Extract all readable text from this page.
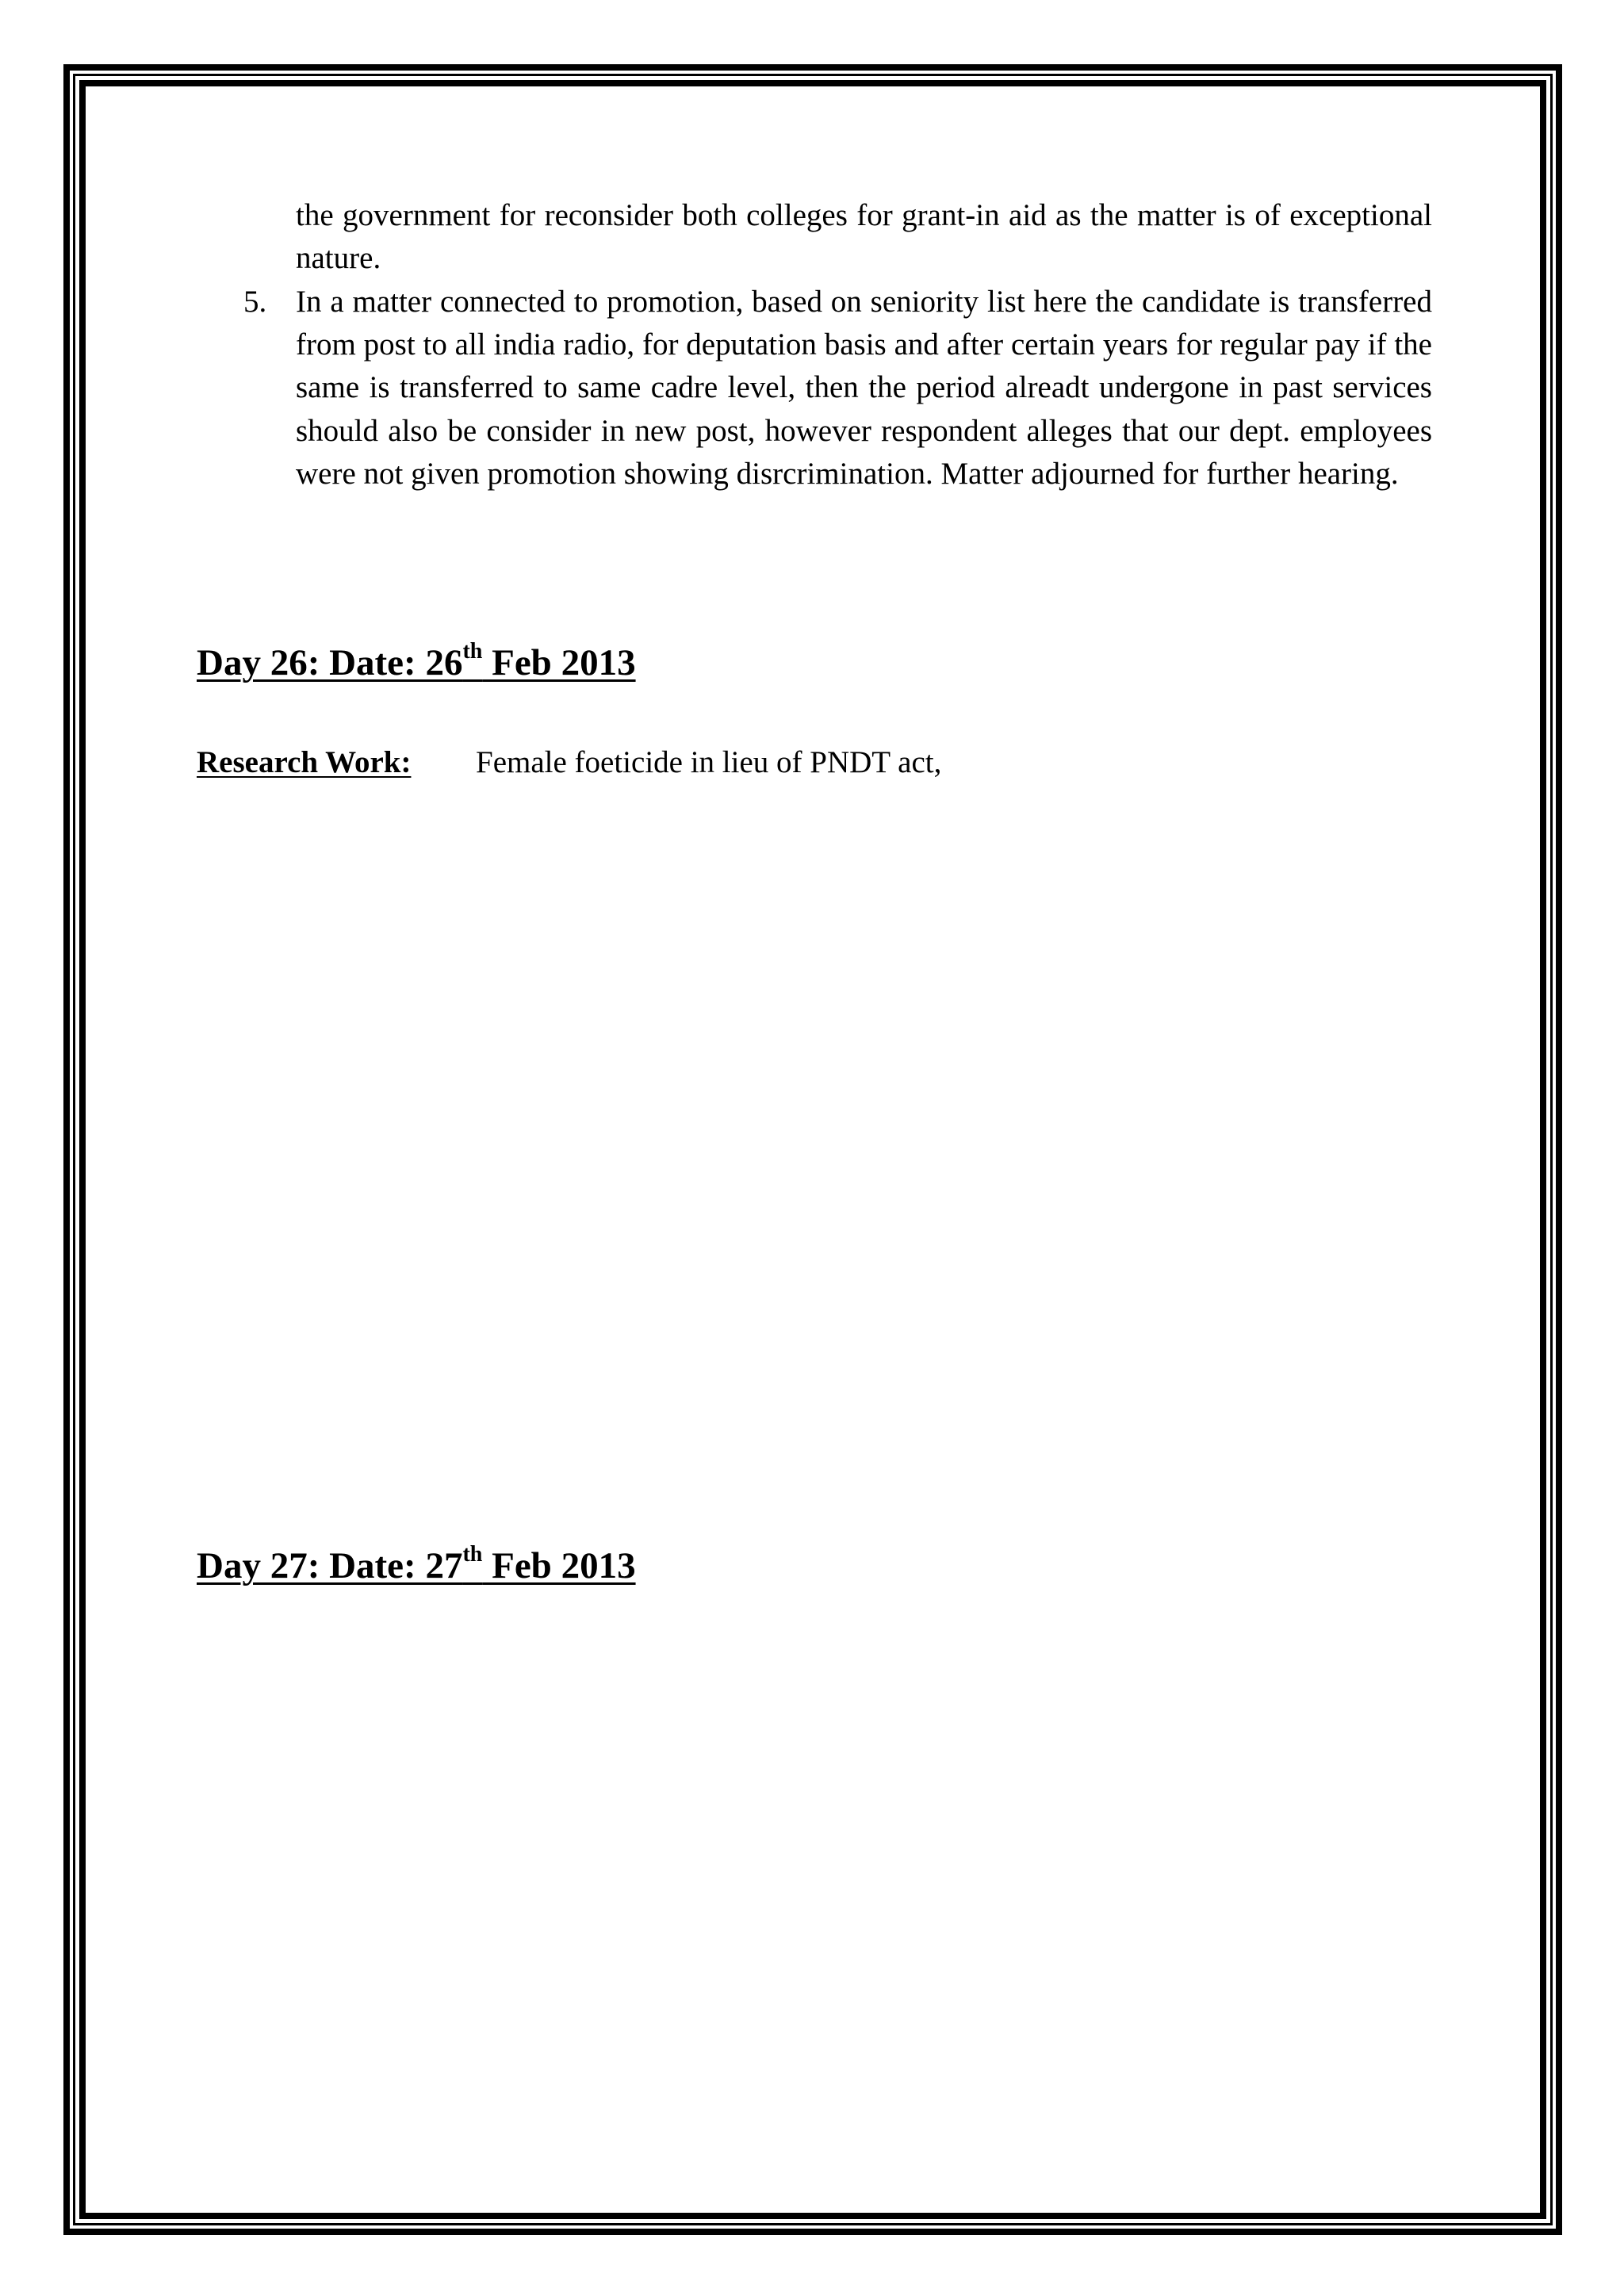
the government for reconsider both colleges for grant-in aid as the matter is of exceptional nature.

5. In a matter connected to promotion, based on seniority list here the candidate is transferred from post to all india radio, for deputation basis and after certain years for regular pay if the same is transferred to same cadre level, then the period alreadt undergone in past services should also be consider in new post, however respondent alleges that our dept. employees were not given promotion showing disrcrimination. Matter adjourned for further hearing.

Day 26: Date: 26th Feb 2013
Research Work: Female foeticide in lieu of PNDT act,
Day 27: Date: 27th Feb 2013
